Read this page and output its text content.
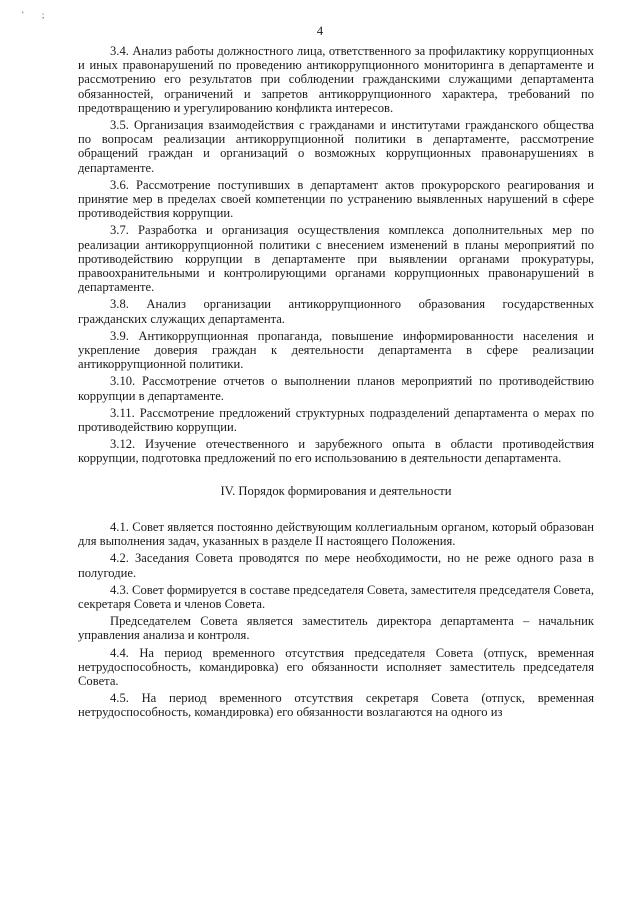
' ;
4

3.4. Анализ работы должностного лица, ответственного за профилактику коррупционных и иных правонарушений по проведению антикоррупционного мониторинга в департаменте и рассмотрению его результатов при соблюдении гражданскими служащими департамента обязанностей, ограничений и запретов антикоррупционного характера, требований по предотвращению и урегулированию конфликта интересов.

3.5. Организация взаимодействия с гражданами и институтами гражданского общества по вопросам реализации антикоррупционной политики в департаменте, рассмотрение обращений граждан и организаций о возможных коррупционных правонарушениях в департаменте.

3.6. Рассмотрение поступивших в департамент актов прокурорского реагирования и принятие мер в пределах своей компетенции по устранению выявленных нарушений в сфере противодействия коррупции.

3.7. Разработка и организация осуществления комплекса дополнительных мер по реализации антикоррупционной политики с внесением изменений в планы мероприятий по противодействию коррупции в департаменте при выявлении органами прокуратуры, правоохранительными и контролирующими органами коррупционных правонарушений в департаменте.

3.8. Анализ организации антикоррупционного образования государственных гражданских служащих департамента.

3.9. Антикоррупционная пропаганда, повышение информированности населения и укрепление доверия граждан к деятельности департамента в сфере реализации антикоррупционной политики.

3.10. Рассмотрение отчетов о выполнении планов мероприятий по противодействию коррупции в департаменте.

3.11. Рассмотрение предложений структурных подразделений департамента о мерах по противодействию коррупции.

3.12. Изучение отечественного и зарубежного опыта в области противодействия коррупции, подготовка предложений по его использованию в деятельности департамента.

IV. Порядок формирования и деятельности

4.1. Совет является постоянно действующим коллегиальным органом, который образован для выполнения задач, указанных в разделе II настоящего Положения.

4.2. Заседания Совета проводятся по мере необходимости, но не реже одного раза в полугодие.

4.3. Совет формируется в составе председателя Совета, заместителя председателя Совета, секретаря Совета и членов Совета.

Председателем Совета является заместитель директора департамента – начальник управления анализа и контроля.

4.4. На период временного отсутствия председателя Совета (отпуск, временная нетрудоспособность, командировка) его обязанности исполняет заместитель председателя Совета.

4.5. На период временного отсутствия секретаря Совета (отпуск, временная нетрудоспособность, командировка) его обязанности возлагаются на одного из
